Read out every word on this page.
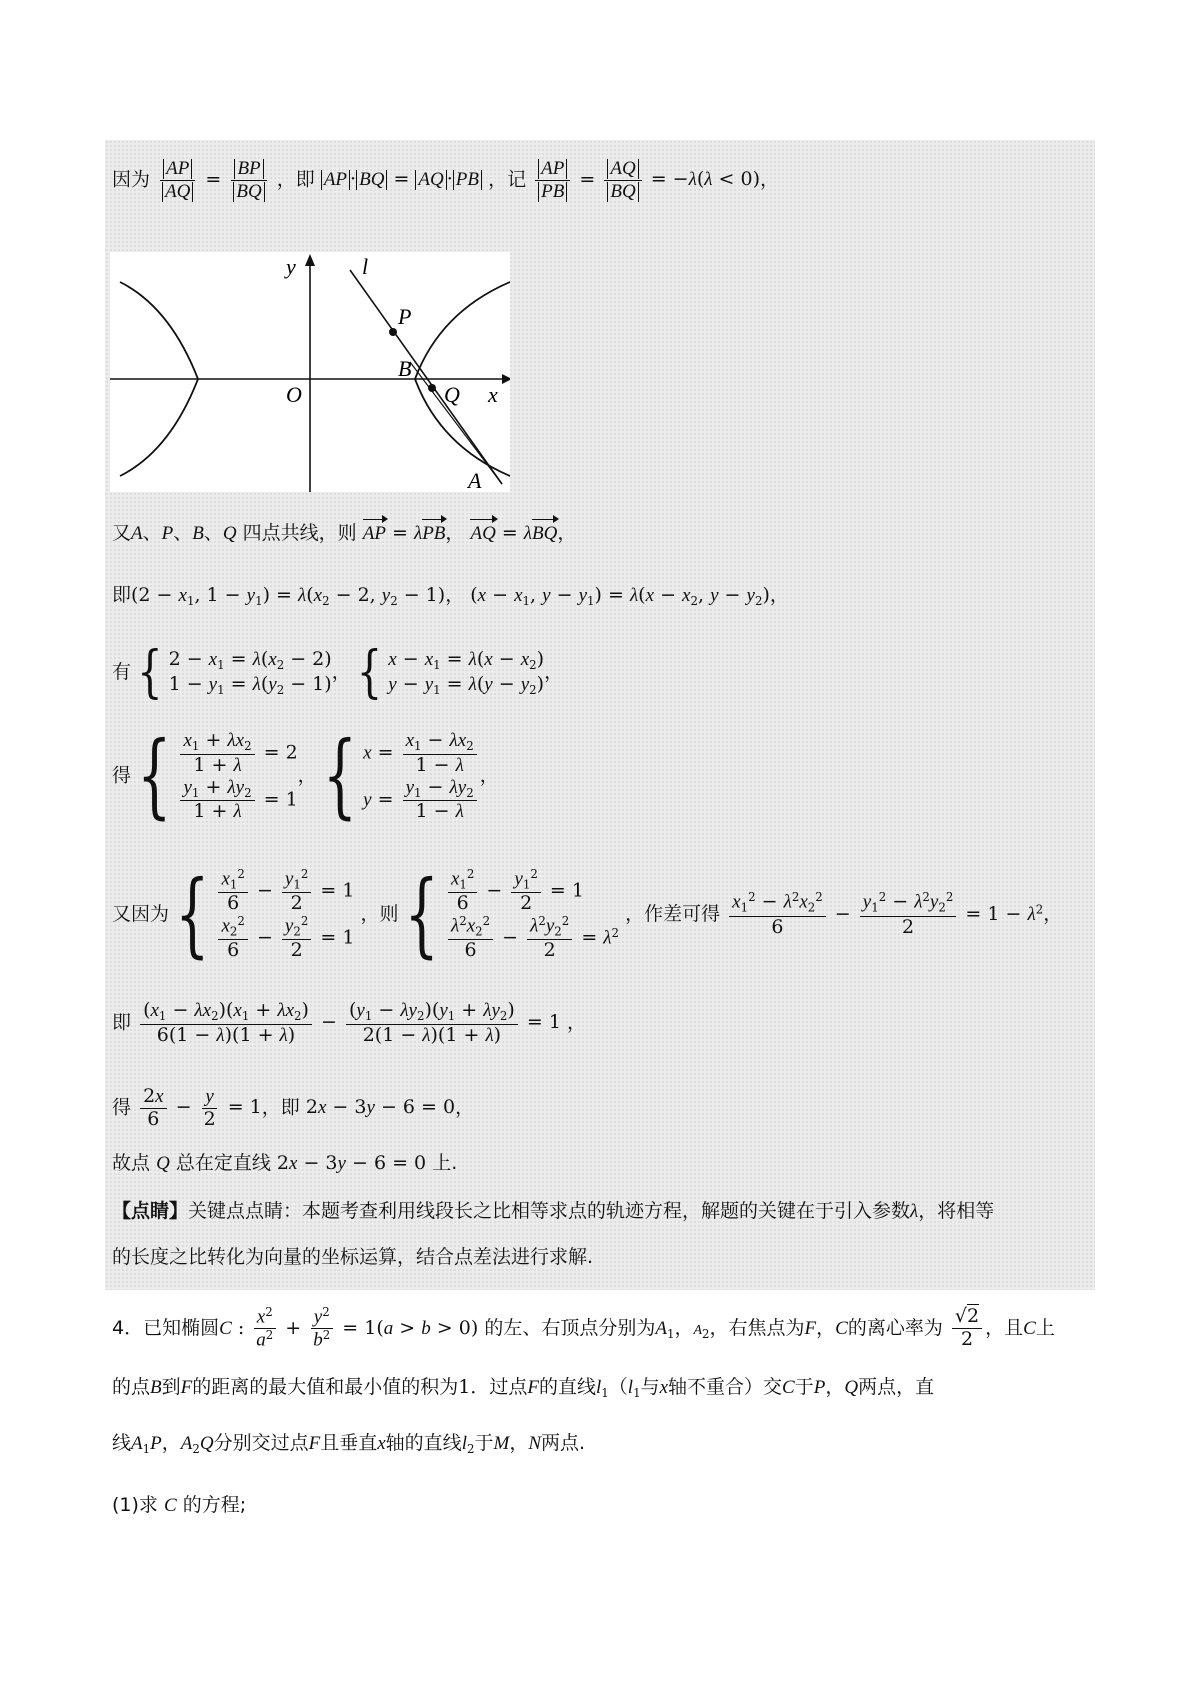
因为 $\frac{AP}{AQ} = \frac{BP}{BQ}$ ，即 AP · BQ = AQ · PB ，记 $\frac{AP}{PB} = \frac{AQ}{BQ} = -\lambda(\lambda < 0)$，
y	l
P
B
O	Q x
A
又A、P、B、Q 四点共线，则 AP = λPB， AQ = λBQ，
即($2 - x_1$, $1 - y_1) = \lambda(x_2 - 2$, $y_2 - 1$)， ($x - x_1$, $y - y_1) = \lambda(x - x_2$, $y - y_2$)，
有 { $2 - x_1 = \lambda(x_2 - 2)$
$1 - y_1 = \lambda(y_2 - 1)$
， { $x - x_1 = \lambda(x - x_2)$
$y - y_1 = \lambda(y - y_2)$
，
得 { $\frac{x_1 + \lambda x_2}{1 + \lambda} = 2$
$\frac{y_1 + \lambda y_2}{1 + \lambda} = 1$
， { $x = \frac{x_1 - \lambda x_2}{1 - \lambda}$
$y = \frac{y_1 - \lambda y_2}{1 - \lambda}$
，
又因为 { $\frac{x_1^2}{6} - \frac{y_1^2}{2} = 1$
$\frac{x_2^2}{6} - \frac{y_2^2}{2} = 1$
，则 { $\frac{x_1^2}{6} - \frac{y_1^2}{2} = 1$
$\frac{\lambda^2x_2^2}{6} - \frac{\lambda^2y_2^2}{2} = \lambda^2$
，作差可得 $\frac{x_1^2 - \lambda^2x_2^2}{6} - \frac{y_1^2 - \lambda^2y_2^2}{2} = 1 - \lambda^2$，
即 $\frac{(x_1 - \lambda x_2)(x_1 + \lambda x_2)}{6(1 - \lambda)(1 + \lambda)} - \frac{(y_1 - \lambda y_2)(y_1 + \lambda y_2)}{2(1 - \lambda)(1 + \lambda)} = 1$ ，
得 $\frac{2x}{6} - \frac{y}{2} = 1$，即 2x − 3y − 6 = 0，
故点 Q 总在定直线 2x − 3y − 6 = 0 上.
【点睛】关键点点睛：本题考查利用线段长之比相等求点的轨迹方程，解题的关键在于引入参数λ，将相等
的长度之比转化为向量的坐标运算，结合点差法进行求解.
4．已知椭圆C : $\frac{x^2}{a^2} + \frac{y^2}{b^2} = 1(a > b > 0)$ 的左、右顶点分别为$A_1$，$A_2$，右焦点为F，C的离心率为 $\frac{√2}{2}$ ，且C上
的点B到F的距离的最大值和最小值的积为1．过点F的直线$l_1(l_1$与x轴不重合）交C于P，Q两点，直
线$A_1P$，$A_2Q$分别交过点F且垂直x轴的直线$l_2$于M，N两点.
(1)求 C 的方程;
